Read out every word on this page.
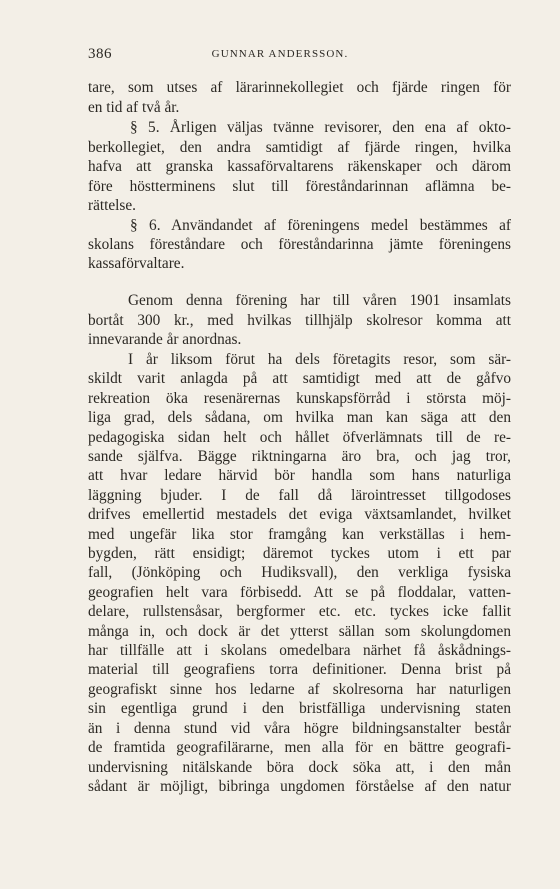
386	GUNNAR ANDERSSON.
tare, som utses af lärarinnekollegiet och fjärde ringen för
en tid af två år.
§ 5. Årligen väljas tvänne revisorer, den ena af okto-
berkollegiet, den andra samtidigt af fjärde ringen, hvilka
hafva att granska kassaförvaltarens räkenskaper och därom
före höstterminens slut till föreståndarinnan aflämna be-
rättelse.
§ 6. Användandet af föreningens medel bestämmes af
skolans föreståndare och föreståndarinna jämte föreningens
kassaförvaltare.
Genom denna förening har till våren 1901 insamlats
bortåt 300 kr., med hvilkas tillhjälp skolresor komma att
innevarande år anordnas.
I år liksom förut ha dels företagits resor, som sär-
skildt varit anlagda på att samtidigt med att de gåfvo
rekreation öka resenärernas kunskapsförråd i största möj-
liga grad, dels sådana, om hvilka man kan säga att den
pedagogiska sidan helt och hållet öfverlämnats till de re-
sande själfva. Bägge riktningarna äro bra, och jag tror,
att hvar ledare härvid bör handla som hans naturliga
läggning bjuder. I de fall då lärointresset tillgodoses
drifves emellertid mestadels det eviga växtsamlandet, hvilket
med ungefär lika stor framgång kan verkställas i hem-
bygden, rätt ensidigt; däremot tyckes utom i ett par
fall, (Jönköping och Hudiksvall), den verkliga fysiska
geografien helt vara förbisedd. Att se på floddalar, vatten-
delare, rullstensåsar, bergformer etc. etc. tyckes icke fallit
många in, och dock är det ytterst sällan som skolungdomen
har tillfälle att i skolans omedelbara närhet få åskådnings-
material till geografiens torra definitioner. Denna brist på
geografiskt sinne hos ledarne af skolresorna har naturligen
sin egentliga grund i den bristfälliga undervisning staten
än i denna stund vid våra högre bildningsanstalter består
de framtida geografilärarne, men alla för en bättre geografi-
undervisning nitälskande böra dock söka att, i den mån
sådant är möjligt, bibringa ungdomen förståelse af den natur
